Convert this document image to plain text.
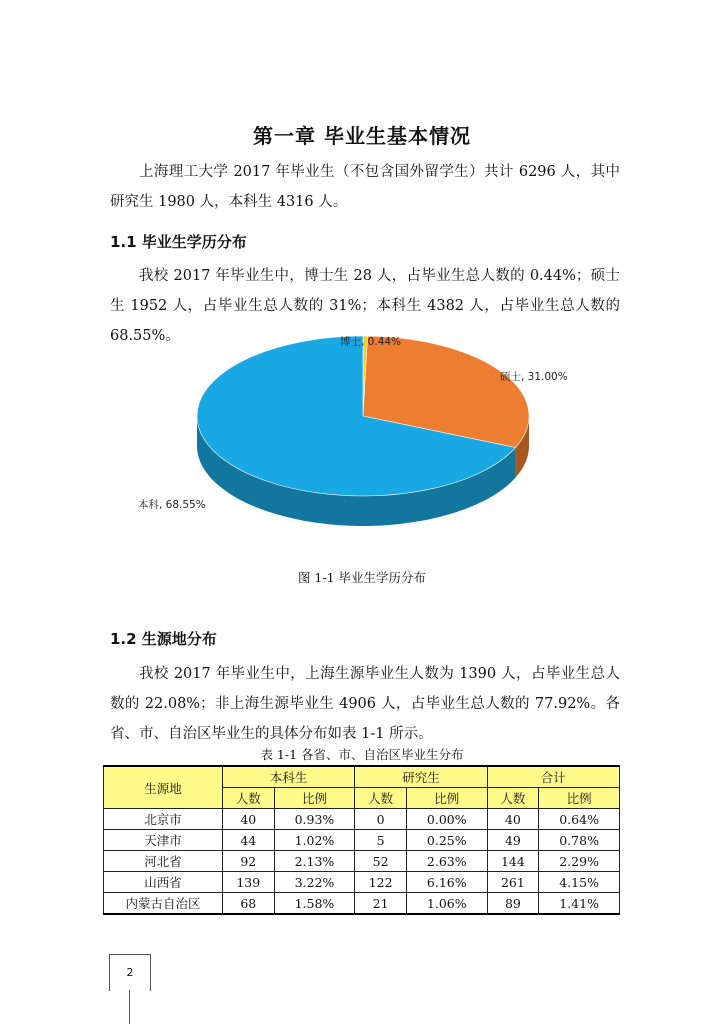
第一章 毕业生基本情况
上海理工大学 2017 年毕业生（不包含国外留学生）共计 6296 人，其中研究生 1980 人，本科生 4316 人。
1.1 毕业生学历分布
我校 2017 年毕业生中，博士生 28 人，占毕业生总人数的 0.44%；硕士生 1952 人，占毕业生总人数的 31%；本科生 4382 人，占毕业生总人数的 68.55%。	博士, 0.44%
硕士, 31.00%
本科, 68.55%
图 1-1 毕业生学历分布
1.2 生源地分布
我校 2017 年毕业生中，上海生源毕业生人数为 1390 人，占毕业生总人数的 22.08%；非上海生源毕业生 4906 人，占毕业生总人数的 77.92%。各省、市、自治区毕业生的具体分布如表 1-1 所示。
表 1-1 各省、市、自治区毕业生分布
生源地	本科生		研究生		合计	
	人数	比例	人数	比例	人数	比例
北京市	40	0.93%	0	0.00%	40	0.64%
天津市	44	1.02%	5	0.25%	49	0.78%
河北省	92	2.13%	52	2.63%	144	2.29%
山西省	139	3.22%	122	6.16%	261	4.15%
内蒙古自治区	68	1.58%	21	1.06%	89	1.41%
2
